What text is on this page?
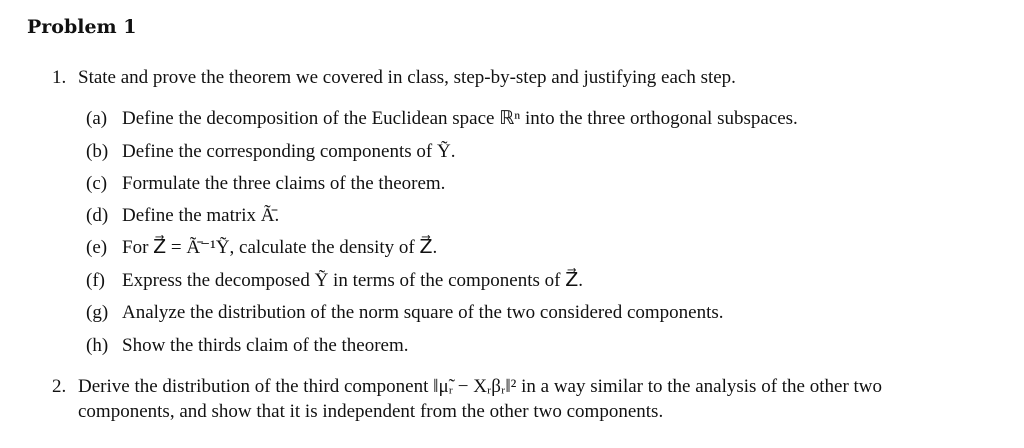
Problem 1
1. State and prove the theorem we covered in class, step-by-step and justifying each step.
(a) Define the decomposition of the Euclidean space ℝⁿ into the three orthogonal subspaces.
(b) Define the corresponding components of Ỹ.
(c) Formulate the three claims of the theorem.
(d) Define the matrix Ã̄.
(e) For Z⃗ = Ã̄⁻¹Ỹ, calculate the density of Z⃗.
(f) Express the decomposed Ỹ in terms of the components of Z⃗.
(g) Analyze the distribution of the norm square of the two considered components.
(h) Show the thirds claim of the theorem.
2. Derive the distribution of the third component ‖μ̃ᵣ − Xᵣβᵣ‖² in a way similar to the analysis of the other two components, and show that it is independent from the other two components.
